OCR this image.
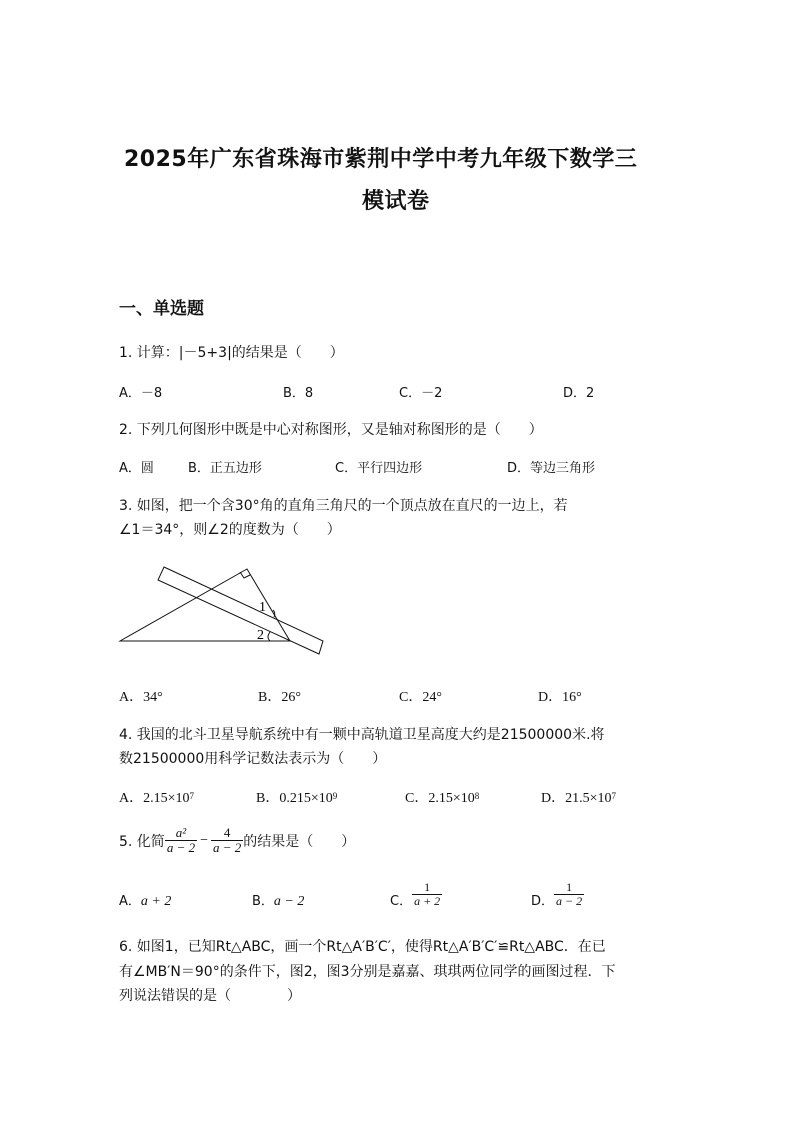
2025年广东省珠海市紫荆中学中考九年级下数学三
模试卷
一、单选题
1. 计算：|－5+3|的结果是（　　）
A．－8	B．8	C．－2	D．2
2. 下列几何图形中既是中心对称图形，又是轴对称图形的是（　　）
A．圆	B．正五边形	C．平行四边形	D．等边三角形
3. 如图，把一个含30°角的直角三角尺的一个顶点放在直尺的一边上，若
∠1＝34°，则∠2的度数为（　　）
1
2
A．34°	B．26°	C．24°	D．16°
4. 我国的北斗卫星导航系统中有一颗中高轨道卫星高度大约是21500000米.将
数21500000用科学记数法表示为（　　）
A．$2.15\times 10^7$	B．$0.215\times 10^9$	C．$2.15\times 10^8$	D．$21.5\times 10^7$
5. 化简 $\frac{\text{a²}}{a - 2} - \frac{4}{a - 2}$ 的结果是（　　）
A．a + 2	B．a − 2	C． $\frac{1}{a + 2}$	D． $\frac{1}{a - 2}$
6. 如图1，已知Rt△ABC，画一个Rt△A′B′C′，使得Rt△A′B′C′≌Rt△ABC．在已
有∠MB′N＝90°的条件下，图2，图3分别是嘉嘉、琪琪两位同学的画图过程．下
列说法错误的是（　　　　）
